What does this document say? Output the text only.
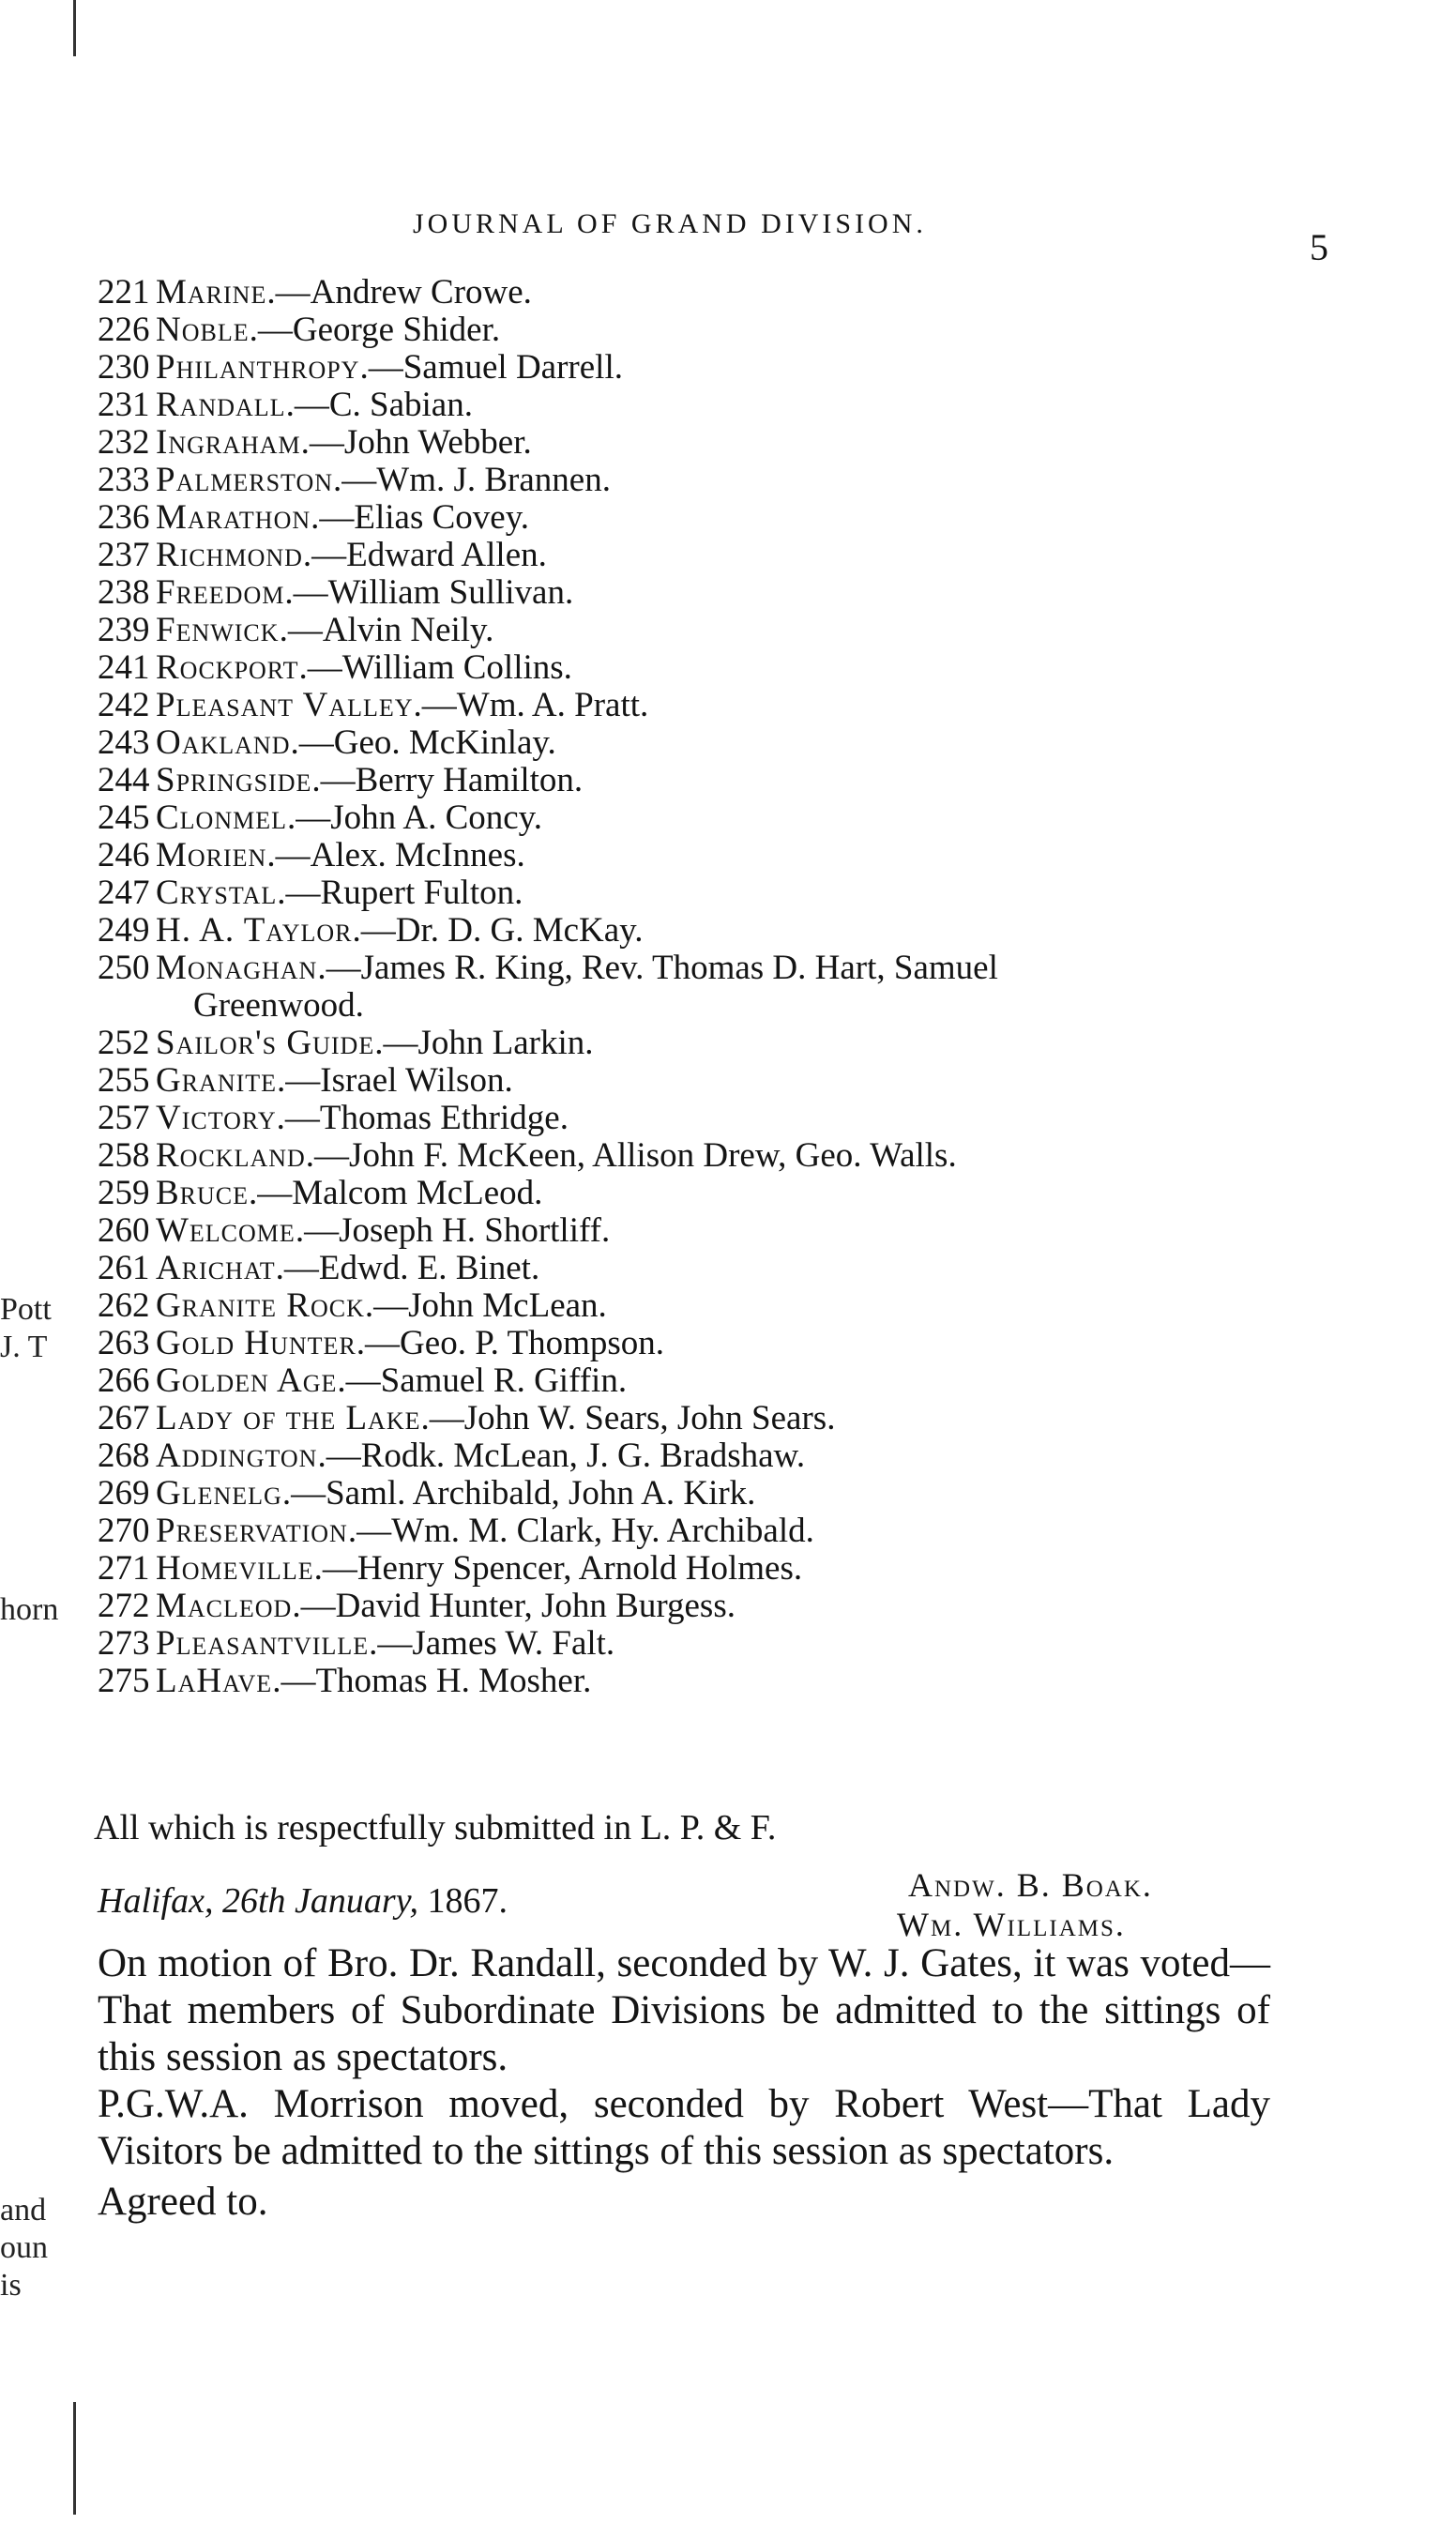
JOURNAL OF GRAND DIVISION.
5
221 Marine.—Andrew Crowe.
226 Noble.—George Shider.
230 Philanthropy.—Samuel Darrell.
231 Randall.—C. Sabian.
232 Ingraham.—John Webber.
233 Palmerston.—Wm. J. Brannen.
236 Marathon.—Elias Covey.
237 Richmond.—Edward Allen.
238 Freedom.—William Sullivan.
239 Fenwick.—Alvin Neily.
241 Rockport.—William Collins.
242 Pleasant Valley.—Wm. A. Pratt.
243 Oakland.—Geo. McKinlay.
244 Springside.—Berry Hamilton.
245 Clonmel.—John A. Concy.
246 Morien.—Alex. McInnes.
247 Crystal.—Rupert Fulton.
249 H. A. Taylor.—Dr. D. G. McKay.
250 Monaghan.—James R. King, Rev. Thomas D. Hart, Samuel
Greenwood.
252 Sailor's Guide.—John Larkin.
255 Granite.—Israel Wilson.
257 Victory.—Thomas Ethridge.
258 Rockland.—John F. McKeen, Allison Drew, Geo. Walls.
259 Bruce.—Malcom McLeod.
260 Welcome.—Joseph H. Shortliff.
261 Arichat.—Edwd. E. Binet.
262 Granite Rock.—John McLean.
263 Gold Hunter.—Geo. P. Thompson.
266 Golden Age.—Samuel R. Giffin.
267 Lady of the Lake.—John W. Sears, John Sears.
268 Addington.—Rodk. McLean, J. G. Bradshaw.
269 Glenelg.—Saml. Archibald, John A. Kirk.
270 Preservation.—Wm. M. Clark, Hy. Archibald.
271 Homeville.—Henry Spencer, Arnold Holmes.
272 Macleod.—David Hunter, John Burgess.
273 Pleasantville.—James W. Falt.
275 LaHave.—Thomas H. Mosher.
All which is respectfully submitted in L. P. & F.
Halifax, 26th January, 1867.	Andw. B. Boak.
Wm. Williams.
On motion of Bro. Dr. Randall, seconded by W. J. Gates, it was voted—That members of Subordinate Divisions be admitted to the sittings of this session as spectators.
P.G.W.A. Morrison moved, seconded by Robert West—That Lady Visitors be admitted to the sittings of this session as spectators.
Agreed to.
Pott
J. T
horn
and
oun
is
